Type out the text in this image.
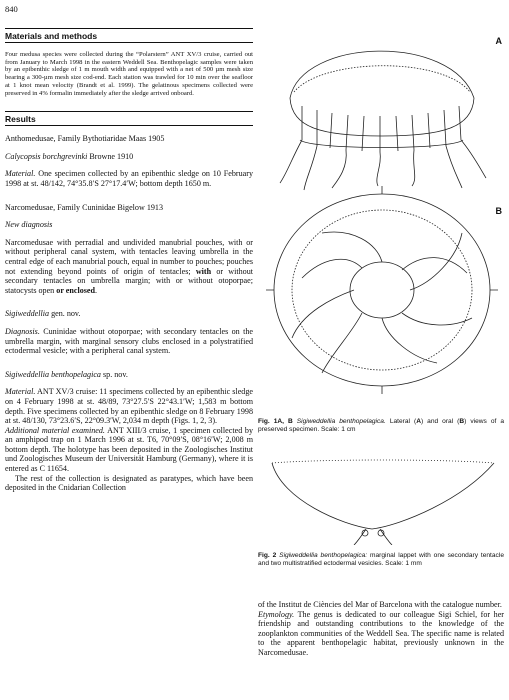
840
Materials and methods

Four medusa species were collected during the “Polarstern” ANT XV/3 cruise, carried out from January to March 1998 in the eastern Weddell Sea. Benthopelagic samples were taken by an epibenthic sledge of 1 m mouth width and equipped with a net of 500 µm mesh size bearing a 300-µm mesh size cod-end. Each station was trawled for 10 min over the seafloor at 1 knot mean velocity (Brandt et al. 1999). The gelatinous specimens collected were preserved in 4% formalin immediately after the sledge arrived onboard.

Results

Anthomedusae, Family Bythotiaridae Maas 1905

Calycopsis borchgrevinki Browne 1910

Material. One specimen collected by an epibenthic sledge on 10 February 1998 at st. 48/142, 74°35.8′S 27°17.4′W; bottom depth 1650 m.

Narcomedusae, Family Cuninidae Bigelow 1913

New diagnosis

Narcomedusae with perradial and undivided manubrial pouches, with or without peripheral canal system, with tentacles leaving umbrella in the central edge of each manubrial pouch, equal in number to pouches; pouches not extending beyond points of origin of tentacles; with or without secondary tentacles on umbrella margin; with or without otoporpae; statocysts open or enclosed.

Sigiweddellia gen. nov.

Diagnosis. Cuninidae without otoporpae; with secondary tentacles on the umbrella margin, with marginal sensory clubs enclosed in a polystratified ectodermal vesicle; with a peripheral canal system.

Sigiweddellia benthopelagica sp. nov.

Material. ANT XV/3 cruise: 11 specimens collected by an epibenthic sledge on 4 February 1998 at st. 48/89, 73°27.5′S 22°43.1′W; 1,583 m bottom depth. Five specimens collected by an epibenthic sledge on 8 February 1998 at st. 48/130, 73°23.6′S, 22°09.3′W, 2,034 m depth (Figs. 1, 2, 3).

Additional material examined. ANT XIII/3 cruise, 1 specimen collected by an amphipod trap on 1 March 1996 at st. T6, 70°09′S, 08°16′W; 2,008 m bottom depth. The holotype has been deposited in the Zoologisches Institut und Zoologisches Museum der Universität Hamburg (Germany), where it is entered as C 11654.

The rest of the collection is designated as paratypes, which have been deposited in the Cnidarian Collection

A
B
Fig. 1A, B Sigiweddellia benthopelagica. Lateral (A) and oral (B) views of a preserved specimen. Scale: 1 cm
Fig. 2 Sigiweddellia benthopelagica: marginal lappet with one secondary tentacle and two multistratified ectodermal vesicles. Scale: 1 mm

of the Institut de Ciències del Mar of Barcelona with the catalogue number.

Etymology. The genus is dedicated to our colleague Sigi Schiel, for her friendship and outstanding contributions to the knowledge of the zooplankton communities of the Weddell Sea. The specific name is related to the apparent benthopelagic habitat, previously unknown in the Narcomedusae.
